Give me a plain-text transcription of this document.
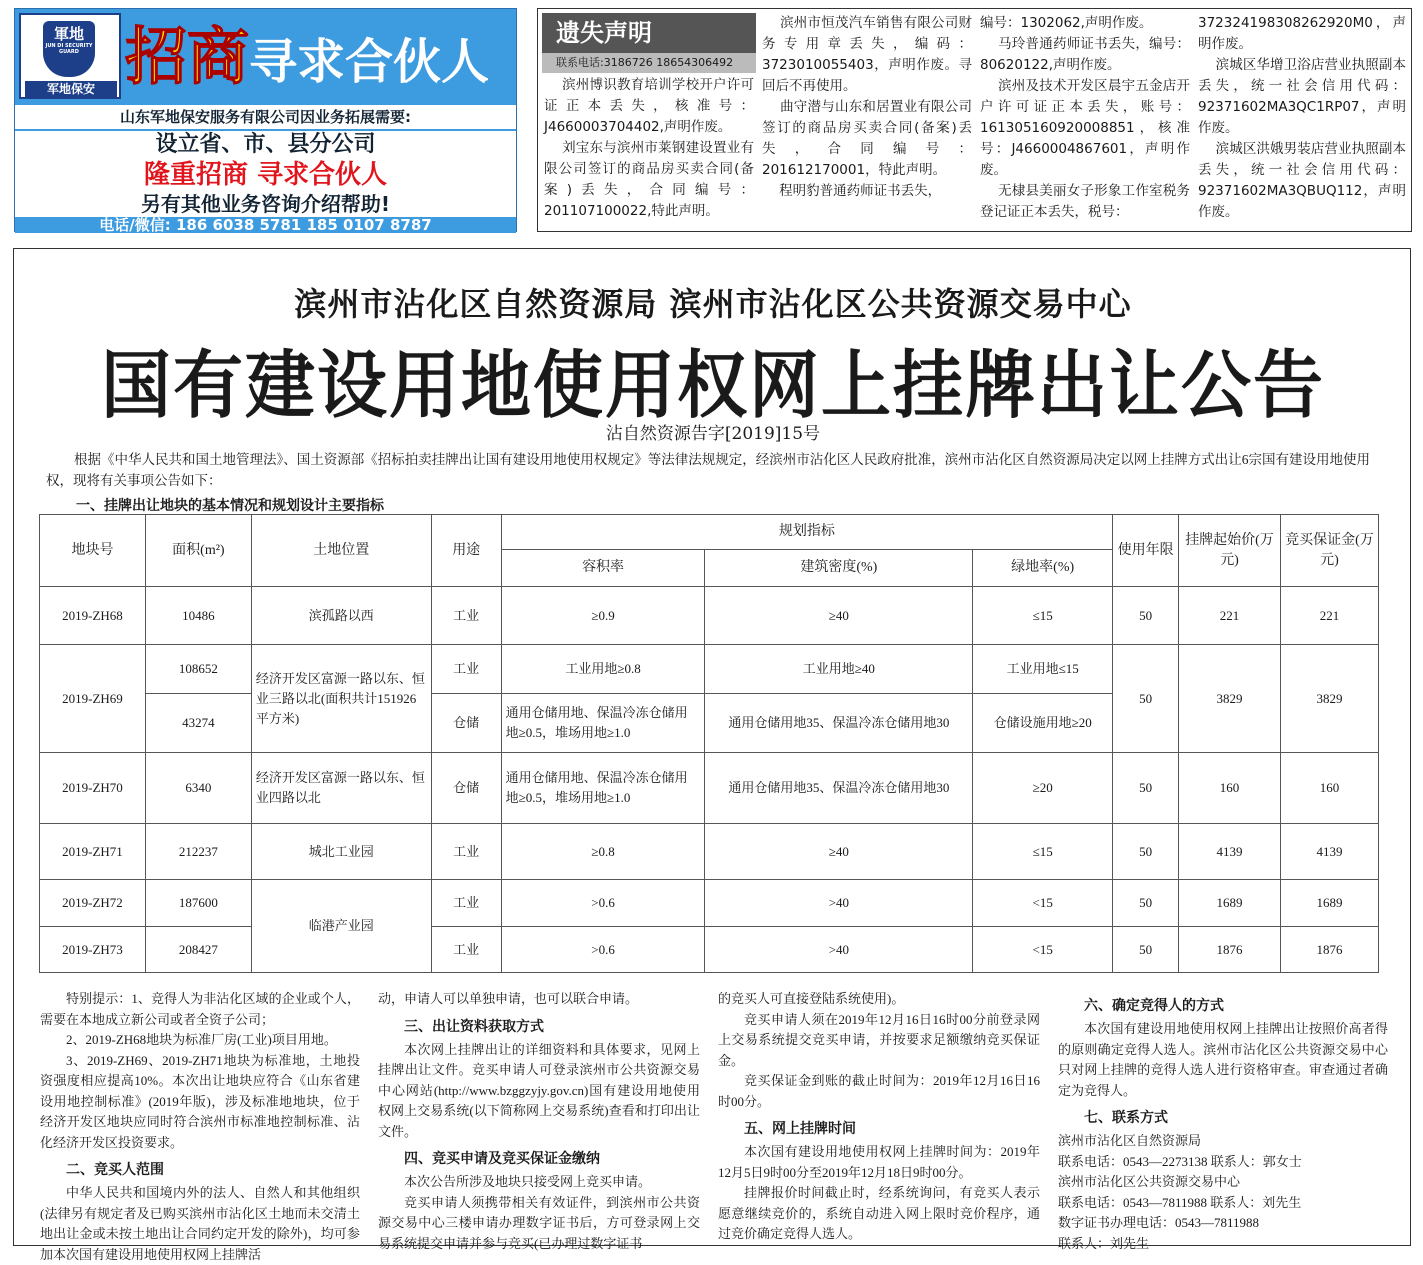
軍地
JUN DI SECURITY GUARD
军地保安 招商寻求合伙人
山东军地保安服务有限公司因业务拓展需要:
设立省、市、县分公司
隆重招商 寻求合伙人
另有其他业务咨询介绍帮助!
电话/微信: 186 6038 5781 185 0107 8787
遗失声明
联系电话:3186726 18654306492
滨州博识教育培训学校开户许可证正本丢失，核准号：J4660003704402,声明作废。
刘宝东与滨州市莱钢建设置业有限公司签订的商品房买卖合同(备案)丢失，合同编号：201107100022,特此声明。
滨州市恒茂汽车销售有限公司财务专用章丢失，编码：3723010055403，声明作废。寻回后不再使用。
曲守潜与山东和居置业有限公司签订的商品房买卖合同(备案)丢失，合同编号：201612170001，特此声明。
程明豹普通药师证书丢失，
编号：1302062,声明作废。
马玲普通药师证书丢失，编号：80620122,声明作废。
滨州及技术开发区晨宇五金店开户许可证正本丢失，账号：161305160920008851，核准号：J4660004867601，声明作废。
无棣县美丽女子形象工作室税务登记证正本丢失，税号：
372324198308262920M0，声明作废。
滨城区华增卫浴店营业执照副本丢失，统一社会信用代码：92371602MA3QC1RP07，声明作废。
滨城区洪娥男装店营业执照副本丢失，统一社会信用代码：92371602MA3QBUQ112，声明作废。
滨州市沾化区自然资源局 滨州市沾化区公共资源交易中心
国有建设用地使用权网上挂牌出让公告
沾自然资源告字[2019]15号
根据《中华人民共和国土地管理法》、国土资源部《招标拍卖挂牌出让国有建设用地使用权规定》等法律法规规定，经滨州市沾化区人民政府批准，滨州市沾化区自然资源局决定以网上挂牌方式出让6宗国有建设用地使用权，现将有关事项公告如下：
一、挂牌出让地块的基本情况和规划设计主要指标
地块号	面积(m²)	土地位置	用途	规划指标			使用年限	挂牌起始价(万元)	竞买保证金(万元)
				容积率	建筑密度(%)	绿地率(%)			
2019-ZH68	10486	滨孤路以西	工业	≥0.9	≥40	≤15	50	221	221
2019-ZH69	108652	经济开发区富源一路以东、恒业三路以北(面积共计151926平方米)	工业	工业用地≥0.8	工业用地≥40	工业用地≤15	50	3829	3829
	43274		仓储	通用仓储用地、保温冷冻仓储用地≥0.5，堆场用地≥1.0	通用仓储用地35、保温冷冻仓储用地30	仓储设施用地≥20			
2019-ZH70	6340	经济开发区富源一路以东、恒业四路以北	仓储	通用仓储用地、保温冷冻仓储用地≥0.5，堆场用地≥1.0	通用仓储用地35、保温冷冻仓储用地30	≥20	50	160	160
2019-ZH71	212237	城北工业园	工业	≥0.8	≥40	≤15	50	4139	4139
2019-ZH72	187600	临港产业园	工业	>0.6	>40	<15	50	1689	1689
2019-ZH73	208427		工业	>0.6	>40	<15	50	1876	1876

特别提示：1、竞得人为非沾化区域的企业或个人，需要在本地成立新公司或者全资子公司；

2、2019-ZH68地块为标准厂房(工业)项目用地。

3、2019-ZH69、2019-ZH71地块为标准地，土地投资强度相应提高10%。本次出让地块应符合《山东省建设用地控制标准》(2019年版)，涉及标准地地块，位于经济开发区地块应同时符合滨州市标准地控制标准、沾化经济开发区投资要求。

二、竞买人范围

中华人民共和国境内外的法人、自然人和其他组织(法律另有规定者及已购买滨州市沾化区土地而未交清土地出让金或未按土地出让合同约定开发的除外)，均可参加本次国有建设用地使用权网上挂牌活

动，申请人可以单独申请，也可以联合申请。

三、出让资料获取方式

本次网上挂牌出让的详细资料和具体要求，见网上挂牌出让文件。竞买申请人可登录滨州市公共资源交易中心网站(http://www.bzggzyjy.gov.cn)国有建设用地使用权网上交易系统(以下简称网上交易系统)查看和打印出让文件。

四、竞买申请及竞买保证金缴纳

本次公告所涉及地块只接受网上竞买申请。

竞买申请人须携带相关有效证件，到滨州市公共资源交易中心三楼申请办理数字证书后，方可登录网上交易系统提交申请并参与竞买(已办理过数字证书

的竞买人可直接登陆系统使用)。

竞买申请人须在2019年12月16日16时00分前登录网上交易系统提交竞买申请，并按要求足额缴纳竞买保证金。

竞买保证金到账的截止时间为：2019年12月16日16时00分。

五、网上挂牌时间

本次国有建设用地使用权网上挂牌时间为：2019年12月5日9时00分至2019年12月18日9时00分。

挂牌报价时间截止时，经系统询问，有竞买人表示愿意继续竞价的，系统自动进入网上限时竞价程序，通过竞价确定竞得人选人。

六、确定竞得人的方式

本次国有建设用地使用权网上挂牌出让按照价高者得的原则确定竞得人选人。滨州市沾化区公共资源交易中心只对网上挂牌的竞得人选人进行资格审查。审查通过者确定为竞得人。

七、联系方式

滨州市沾化区自然资源局

联系电话：0543—2273138 联系人：郭女士

滨州市沾化区公共资源交易中心

联系电话：0543—7811988 联系人：刘先生

数字证书办理电话：0543—7811988

联系人：刘先生
